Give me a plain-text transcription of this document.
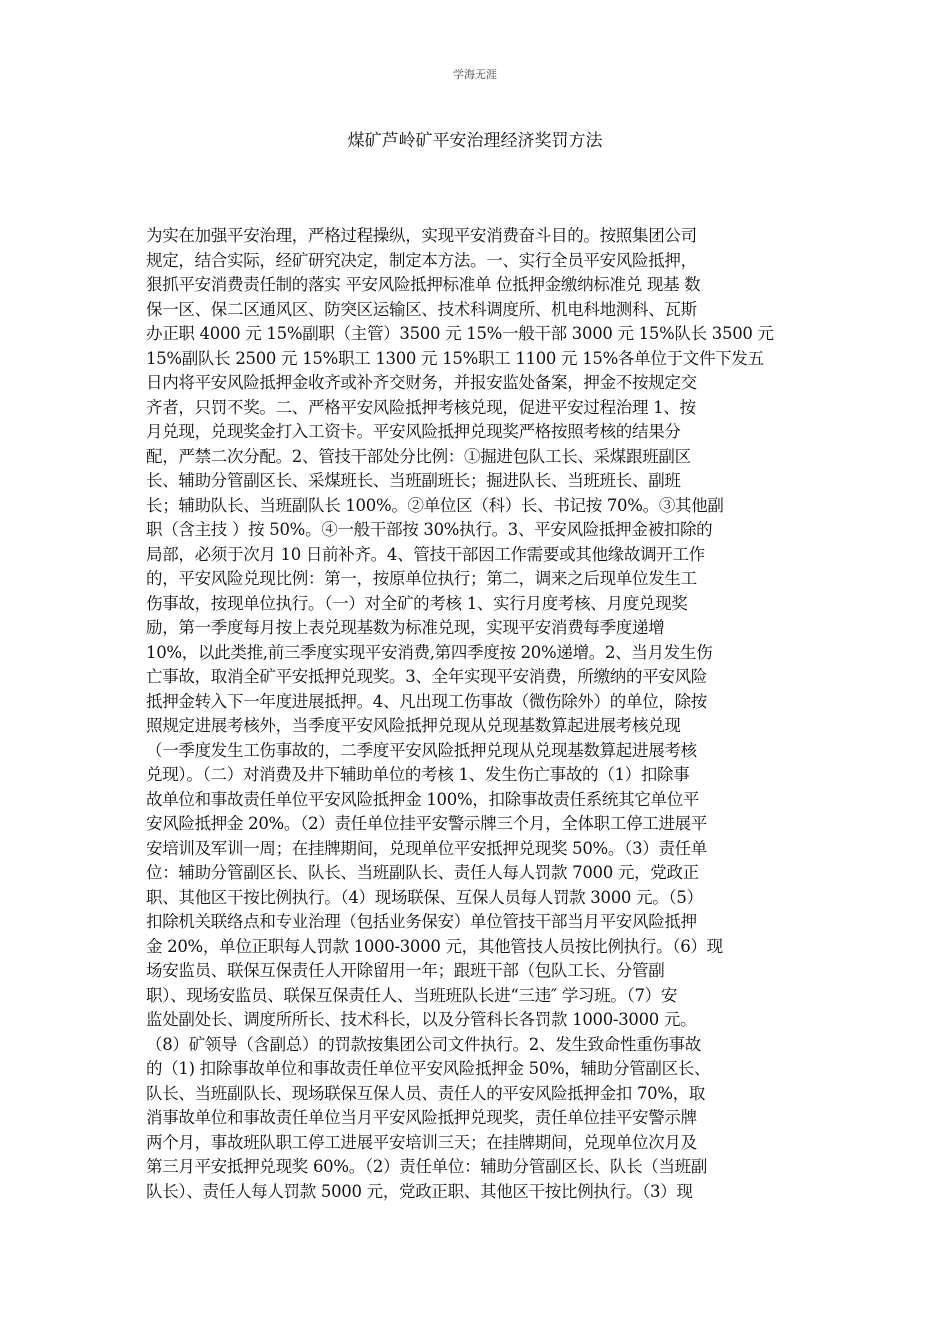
学海无涯
煤矿芦岭矿平安治理经济奖罚方法
为实在加强平安治理，严格过程操纵，实现平安消费奋斗目的。按照集团公司
规定，结合实际，经矿研究决定，制定本方法。一、实行全员平安风险抵押，
狠抓平安消费责任制的落实 平安风险抵押标准单 位抵押金缴纳标准兑 现基 数
保一区、保二区通风区、防突区运输区、技术科调度所、机电科地测科、瓦斯
办正职 4000 元 15%副职（主管）3500 元 15%一般干部 3000 元 15%队长 3500 元
15%副队长 2500 元 15%职工 1300 元 15%职工 1100 元 15%各单位于文件下发五
日内将平安风险抵押金收齐或补齐交财务，并报安监处备案，押金不按规定交
齐者，只罚不奖。二、严格平安风险抵押考核兑现，促进平安过程治理 1、按
月兑现，兑现奖金打入工资卡。平安风险抵押兑现奖严格按照考核的结果分
配，严禁二次分配。2、管技干部处分比例：①掘进包队工长、采煤跟班副区
长、辅助分管副区长、采煤班长、当班副班长；掘进队长、当班班长、副班
长；辅助队长、当班副队长 100%。②单位区（科）长、书记按 70%。③其他副
职（含主技 ）按 50%。④一般干部按 30%执行。3、平安风险抵押金被扣除的
局部，必须于次月 10 日前补齐。4、管技干部因工作需要或其他缘故调开工作
的，平安风险兑现比例：第一，按原单位执行；第二，调来之后现单位发生工
伤事故，按现单位执行。（一）对全矿的考核 1、实行月度考核、月度兑现奖
励，第一季度每月按上表兑现基数为标准兑现，实现平安消费每季度递增
10%，以此类推,前三季度实现平安消费,第四季度按 20%递增。2、当月发生伤
亡事故，取消全矿平安抵押兑现奖。3、全年实现平安消费，所缴纳的平安风险
抵押金转入下一年度进展抵押。4、凡出现工伤事故（微伤除外）的单位，除按
照规定进展考核外，当季度平安风险抵押兑现从兑现基数算起进展考核兑现
（一季度发生工伤事故的，二季度平安风险抵押兑现从兑现基数算起进展考核
兑现）。（二）对消费及井下辅助单位的考核 1、发生伤亡事故的（1）扣除事
故单位和事故责任单位平安风险抵押金 100%，扣除事故责任系统其它单位平
安风险抵押金 20%。（2）责任单位挂平安警示牌三个月，全体职工停工进展平
安培训及军训一周；在挂牌期间，兑现单位平安抵押兑现奖 50%。（3）责任单
位：辅助分管副区长、队长、当班副队长、责任人每人罚款 7000 元，党政正
职、其他区干按比例执行。（4）现场联保、互保人员每人罚款 3000 元。（5）
扣除机关联络点和专业治理（包括业务保安）单位管技干部当月平安风险抵押
金 20%，单位正职每人罚款 1000-3000 元，其他管技人员按比例执行。（6）现
场安监员、联保互保责任人开除留用一年；跟班干部（包队工长、分管副
职）、现场安监员、联保互保责任人、当班班队长进“三违″ 学习班。（7）安
监处副处长、调度所所长、技术科长，以及分管科长各罚款 1000-3000 元。
（8）矿领导（含副总）的罚款按集团公司文件执行。2、发生致命性重伤事故
的（1) 扣除事故单位和事故责任单位平安风险抵押金 50%，辅助分管副区长、
队长、当班副队长、现场联保互保人员、责任人的平安风险抵押金扣 70%，取
消事故单位和事故责任单位当月平安风险抵押兑现奖，责任单位挂平安警示牌
两个月，事故班队职工停工进展平安培训三天；在挂牌期间，兑现单位次月及
第三月平安抵押兑现奖 60%。（2）责任单位：辅助分管副区长、队长（当班副
队长）、责任人每人罚款 5000 元，党政正职、其他区干按比例执行。（3）现
